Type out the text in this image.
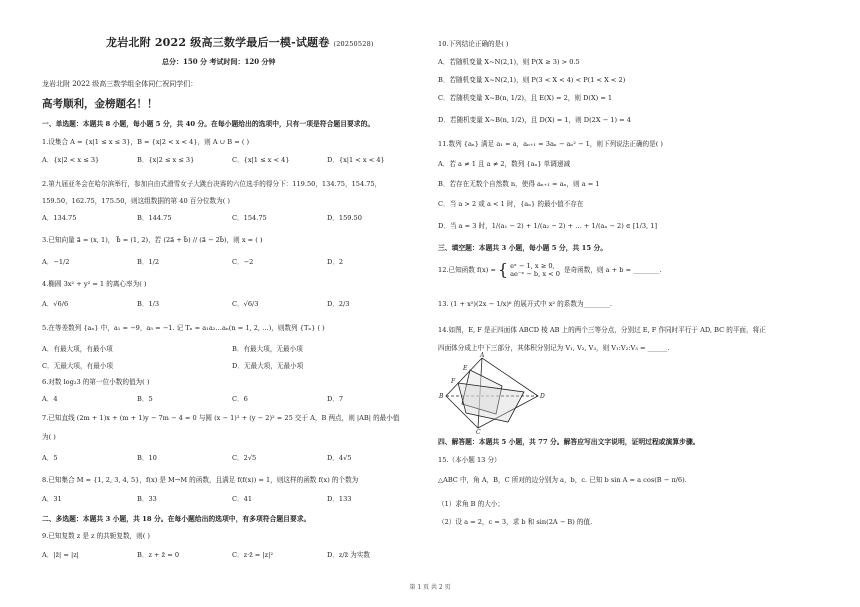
龙岩北附 2022 级高三数学最后一模-试题卷 (20250528)
总分：150 分 考试时间：120 分钟
龙岩北附 2022 级高三数学组全体同仁祝同学们：
高考顺利，金榜题名！！
一、单选题：本题共 8 小题，每小题 5 分，共 40 分。在每小题给出的选项中，只有一项是符合题目要求的。
1.设集合 A = {x|1 ≤ x ≤ 3}，B = {x|2 < x < 4}，则 A ∪ B = ( )
A．{x|2 < x ≤ 3}	B．{x|2 ≤ x ≤ 3}	C．{x|1 ≤ x < 4}	D．{x|1 < x < 4}
2.第九届亚冬会在哈尔滨举行，参加自由式滑雪女子大跳台决赛的六位选手的得分下：119.50，134.75，154.75，
159.50，162.75，175.50，则这组数据的第 40 百分位数为( )
A．134.75	B．144.75	C．154.75	D．159.50
3.已知向量 a⃗ = (x, 1)， b⃗ = (1, 2)，若 (2a⃗ + b⃗) // (a⃗ − 2b⃗)，则 x = ( )
A．−1/2	B．1/2	C．−2	D．2
4.椭圆 3x² + y² = 1 的离心率为( )
A．√6/6	B．1/3	C．√6/3	D．2/3
5.在等差数列 {aₙ} 中，a₁ = −9，a₅ = −1. 记 Tₙ = a₁a₂…aₙ(n = 1, 2, …)，则数列 {Tₙ} ( )
A．有最大项，有最小项	B．有最大项，无最小项
C．无最大项，有最小项	D．无最大项，无最小项
6.对数 log₂3 的第一位小数的值为( )
A．4	B．5	C．6	D．7
7.已知直线 (2m + 1)x + (m + 1)y − 7m − 4 = 0 与圆 (x − 1)² + (y − 2)² = 25 交于 A，B 两点，则 |AB| 的最小值
为( )
A．5	B．10	C．2√5	D．4√5
8.已知集合 M = {1, 2, 3, 4, 5}，f(x) 是 M→M 的函数，且满足 f(f(x)) = 1，则这样的函数 f(x) 的个数为
A．31	B．33	C．41	D．133
二、多选题：本题共 3 小题，共 18 分。在每小题给出的选项中，有多项符合题目要求。
9.已知复数 z 是 z 的共轭复数，则( )
A．|z̄| = |z|	B．z + z̄ = 0	C．z·z̄ = |z|²	D．z/z̄ 为实数
10.下列结论正确的是( )
A．若随机变量 X~N(2,1)，则 P(X ≥ 3) > 0.5
B．若随机变量 X~N(2,1)，则 P(3 < X < 4) < P(1 < X < 2)
C．若随机变量 X~B(n, 1/2)，且 E(X) = 2，则 D(X) = 1
D．若随机变量 X~B(n, 1/2)，且 D(X) = 1，则 D(2X − 1) = 4
11.数列 {aₙ} 满足 a₁ = a，aₙ₊₁ = 3aₙ − aₙ² − 1，则下列说法正确的是( )
A．若 a ≠ 1 且 a ≠ 2，数列 {aₙ} 单调递减
B．若存在无数个自然数 n，使得 aₙ₊₁ = aₙ，则 a = 1
C．当 a > 2 或 a < 1 时，{aₙ} 的最小值不存在
D．当 a = 3 时，1/(a₁ − 2) + 1/(a₂ − 2) + … + 1/(aₙ − 2) ∈ [1/3, 1]
三、填空题：本题共 3 小题，每小题 5 分，共 15 分。
12.已知函数 f(x) = { eˣ − 1, x ≥ 0,
ae⁻ˣ − b, x < 0
是奇函数，则 a + b = ________.
13. (1 + x²)(2x − 1/x)⁶ 的展开式中 x² 的系数为________.
14.如图，E, F 是正四面体 ABCD 棱 AB 上的两个三等分点，分别过 E, F 作同时平行于 AD, BC 的平面，将正
四面体分成上中下三部分，其体积分别记为 V₁, V₂, V₃，则 V₁:V₂:V₃ = ______.
四、解答题：本题共 5 小题，共 77 分。解答应写出文字说明，证明过程或演算步骤。
15.（本小题 13 分）
△ABC 中，角 A，B，C 所对的边分别为 a，b，c. 已知 b sin A = a cos(B − π/6).
（1）求角 B 的大小；
（2）设 a = 2，c = 3，求 b 和 sin(2A − B) 的值.
A
E
F
B
C
D
第 1 页 共 2 页
